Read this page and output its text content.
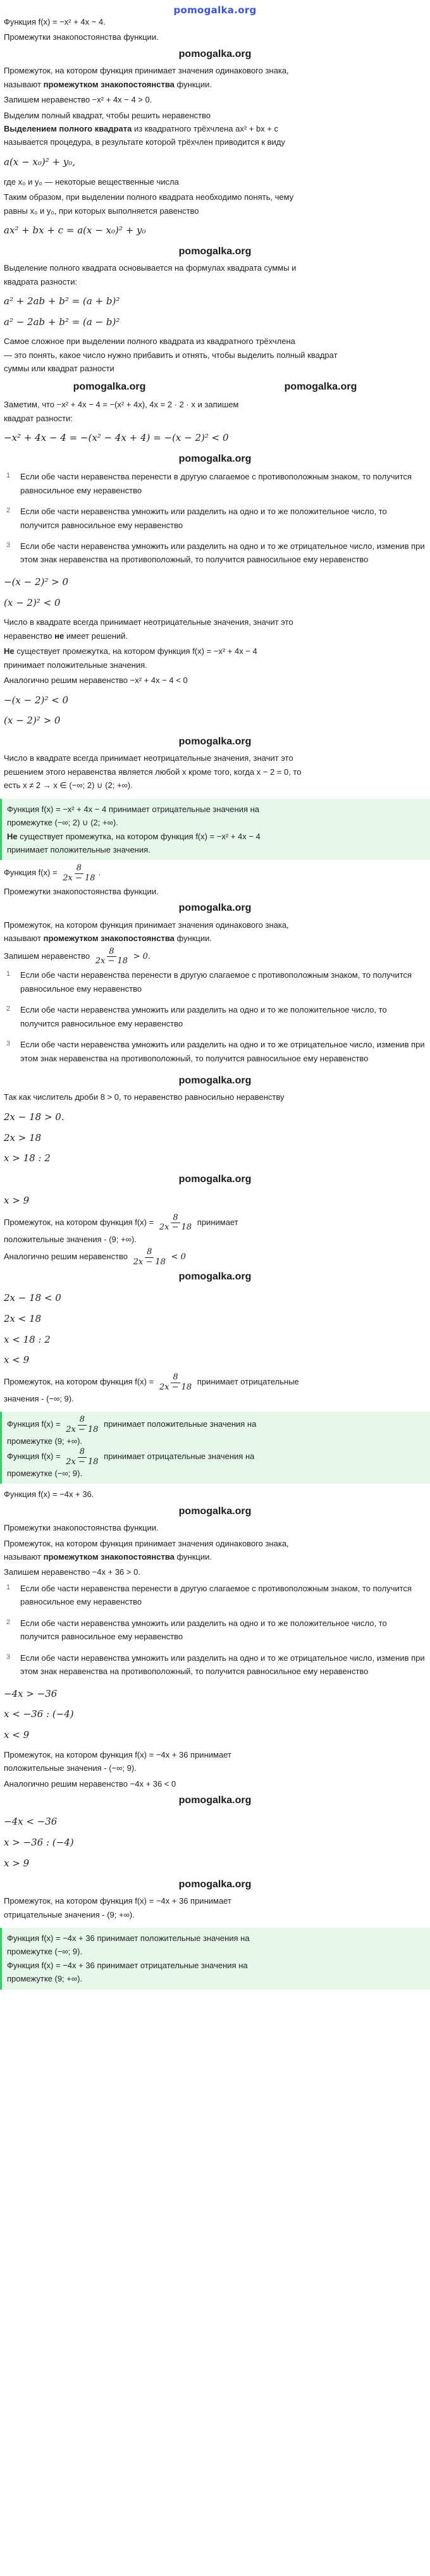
pomogalka.org

Функция f(x) = −x² + 4x − 4.

Промежутки знакопостоянства функции.

pomogalka.org

Промежуток, на котором функция принимает значения одинакового знака,
называют промежутком знакопостоянства функции.

Запишем неравенство −x² + 4x − 4 > 0.

Выделим полный квадрат, чтобы решить неравенство
Выделением полного квадрата из квадратного трёхчлена ax² + bx + c
называется процедура, в результате которой трёхчлен приводится к виду

a(x − x₀)² + y₀,

где x₀ и y₀ — некоторые вещественные числа

Таким образом, при выделении полного квадрата необходимо понять, чему
равны x₀ и y₀, при которых выполняется равенство

ax² + bx + c = a(x − x₀)² + y₀
pomogalka.org

Выделение полного квадрата основывается на формулах квадрата суммы и
квадрата разности:

a² + 2ab + b² = (a + b)²
a² − 2ab + b² = (a − b)²

Самое сложное при выделении полного квадрата из квадратного трёхчлена
— это понять, какое число нужно прибавить и отнять, чтобы выделить полный квадрат
суммы или квадрат разности

pomogalka.org	pomogalka.org

Заметим, что −x² + 4x − 4 = −(x² + 4x), 4x = 2 · 2 · x и запишем
квадрат разности:

−x² + 4x − 4 = −(x² − 4x + 4) = −(x − 2)² < 0
pomogalka.org
1	Если обе части неравенства перенести в другую слагаемое с противоположным знаком, то получится равносильное ему неравенство
2	Если обе части неравенства умножить или разделить на одно и то же положительное число, то получится равносильное ему неравенство
3	Если обе части неравенства умножить или разделить на одно и то же отрицательное число, изменив при этом знак неравенства на противоположный, то получится равносильное ему неравенство
−(x − 2)² > 0
(x − 2)² < 0

Число в квадрате всегда принимает неотрицательные значения, значит это
неравенство не имеет решений.

Не существует промежутка, на котором функция f(x) = −x² + 4x − 4
принимает положительные значения.

Аналогично решим неравенство −x² + 4x − 4 < 0

−(x − 2)² < 0
(x − 2)² > 0
pomogalka.org

Число в квадрате всегда принимает неотрицательные значения, значит это
решением этого неравенства является любой x кроме того, когда x − 2 = 0, то
есть x ≠ 2 → x ∈ (−∞; 2) ∪ (2; +∞).

Функция f(x) = −x² + 4x − 4 принимает отрицательные значения на
промежутке (−∞; 2) ∪ (2; +∞).
Не существует промежутка, на котором функция f(x) = −x² + 4x − 4
принимает положительные значения.

Функция $f(x) = \frac{8}{2x - 18}$ .

Промежутки знакопостоянства функции.

pomogalka.org

Промежуток, на котором функция принимает значения одинакового знака,
называют промежутком знакопостоянства функции.

Запишем неравенство $\frac{8}{2x - 18} > 0$.

1	Если обе части неравенства перенести в другую слагаемое с противоположным знаком, то получится равносильное ему неравенство
2	Если обе части неравенства умножить или разделить на одно и то же положительное число, то получится равносильное ему неравенство
3	Если обе части неравенства умножить или разделить на одно и то же отрицательное число, изменив при этом знак неравенства на противоположный, то получится равносильное ему неравенство
pomogalka.org

Так как числитель дроби 8 > 0, то неравенство равносильно неравенству

2x − 18 > 0.
2x > 18
x > 18 : 2
pomogalka.org
x > 9

Промежуток, на котором функция $f(x) = \frac{8}{2x - 18}$ принимает
положительные значения - (9; +∞).

Аналогично решим неравенство $\frac{8}{2x - 18} < 0$

pomogalka.org
2x − 18 < 0
2x < 18
x < 18 : 2
x < 9

Промежуток, на котором функция $f(x) = \frac{8}{2x - 18}$ принимает отрицательные
значения - (−∞; 9).

Функция $f(x) = \frac{8}{2x - 18}$ принимает положительные значения на
промежутке (9; +∞).
Функция $f(x) = \frac{8}{2x - 18}$ принимает отрицательные значения на
промежутке (−∞; 9).

Функция f(x) = −4x + 36.

pomogalka.org

Промежутки знакопостоянства функции.

Промежуток, на котором функция принимает значения одинакового знака,
называют промежутком знакопостоянства функции.

Запишем неравенство −4x + 36 > 0.

1	Если обе части неравенства перенести в другую слагаемое с противоположным знаком, то получится равносильное ему неравенство
2	Если обе части неравенства умножить или разделить на одно и то же положительное число, то получится равносильное ему неравенство
3	Если обе части неравенства умножить или разделить на одно и то же отрицательное число, изменив при этом знак неравенства на противоположный, то получится равносильное ему неравенство
−4x > −36
x < −36 : (−4)
x < 9

Промежуток, на котором функция f(x) = −4x + 36 принимает
положительные значения - (−∞; 9).

Аналогично решим неравенство −4x + 36 < 0

pomogalka.org
−4x < −36
x > −36 : (−4)
x > 9
pomogalka.org

Промежуток, на котором функция f(x) = −4x + 36 принимает
отрицательные значения - (9; +∞).

Функция f(x) = −4x + 36 принимает положительные значения на
промежутке (−∞; 9).
Функция f(x) = −4x + 36 принимает отрицательные значения на
промежутке (9; +∞).
